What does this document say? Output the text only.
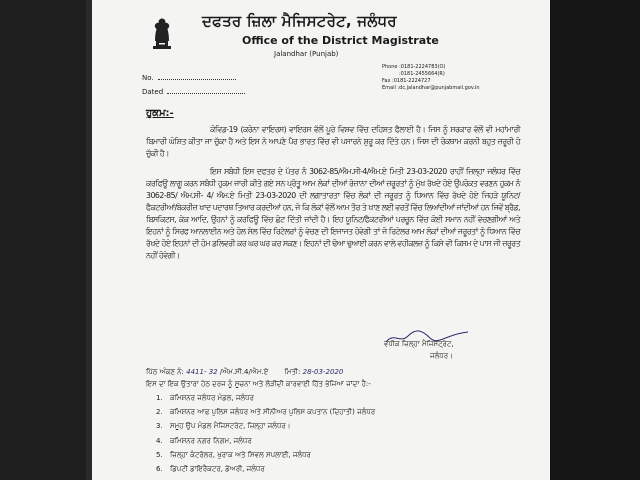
ਦਫਤਰ ਜ਼ਿਲਾ ਮੈਜਿਸਟਰੇਟ, ਜਲੰਧਰ
Office of the District Magistrate
Jalandhar (Punjab)
No.
Dated
Phone :0181-2224783(O)
:0181-2455664(R)
Fax :0181-2224727
Email :dc.jalandhar@punjabmail.gov.in
ਹੁਕਮ:-
ਕੋਵਿਡ-19 (ਕਰੋਨਾ ਵਾਇਰਸ) ਵਾਇਰਸ ਵੱਲੋਂ ਪੂਰੇ ਵਿਸ਼ਵ ਵਿੱਚ ਦਹਿਸ਼ਤ ਫੈਲਾਈ ਹੈ। ਜਿਸ ਨੂੰ ਸਰਕਾਰ ਵੱਲੋਂ ਵੀ ਮਹਾਂਮਾਰੀ ਬਿਮਾਰੀ ਘੋਸ਼ਿਤ ਕੀਤਾ ਜਾ ਚੁੱਕਾ ਹੈ ਅਤੇ ਇਸ ਨੇ ਆਪਣੇ ਪੈਰ ਭਾਰਤ ਵਿੱਚ ਵੀ ਪਸਾਰਨੇ ਸ਼ੁਰੂ ਕਰ ਦਿੱਤੇ ਹਨ। ਜਿਸ ਦੀ ਰੋਕਥਾਮ ਕਰਨੀ ਬਹੁਤ ਜ਼ਰੂਰੀ ਹੋ ਚੁੱਕੀ ਹੈ।
ਇਸ ਸਬੰਧੀ ਇਸ ਦਫਤਰ ਦੇ ਪੱਤਰ ਨੰ 3062-85/ਐਮ.ਸੀ-4/ਐਮ.ਏ ਮਿਤੀ 23-03-2020 ਰਾਹੀਂ ਜ਼ਿਲ੍ਹਾ ਜਲੰਧਰ ਵਿੱਚ ਕਰਫਿਊ ਲਾਗੂ ਕਰਨ ਸਬੰਧੀ ਹੁਕਮ ਜਾਰੀ ਕੀਤੇ ਗਏ ਸਨ ਪ੍ਰੰਤੂ ਆਮ ਲੋਕਾਂ ਦੀਆਂ ਰੋਜ਼ਾਨਾ ਦੀਆਂ ਜ਼ਰੂਰਤਾਂ ਨੂੰ ਮੁੱਖ ਰੱਖਦੇ ਹੋਏ ਉਪਰੋਕਤ ਵਰਣਨ ਹੁਕਮ ਨੰ 3062-85/ ਐਮ.ਸੀ- 4/ ਐਮ.ਏ ਮਿਤੀ 23-03-2020 ਦੀ ਲਗਾਤਾਰਤਾ ਵਿੱਚ ਲੋਕਾਂ ਦੀ ਜਰੂਰਤ ਨੂੰ ਧਿਆਨ ਵਿੱਚ ਰੱਖਦੇ ਹੋਏ ਜਿਹੜੇ ਯੂਨਿਟ/ਫੈਕਟਰੀਆਂ/ਬੇਕਰੀਜ਼ ਖਾਦ ਪਦਾਰਥ ਤਿਆਰ ਕਰਦੀਆਂ ਹਨ, ਜੋ ਕਿ ਲੋਕਾਂ ਵੱਲੋਂ ਆਮ ਤੌਰ ਤੇ ਖਾਣ ਲਈ ਵਰਤੋਂ ਵਿੱਚ ਲਿਆਂਦੀਆਂ ਜਾਂਦੀਆਂ ਹਨ ਜਿਵੇਂ ਬ੍ਰੈਡ, ਬਿਸਕਿਟਸ, ਕੇਕ ਆਦਿ, ਉਹਨਾਂ ਨੂੰ ਕਰਫਿਊ ਵਿੱਚ ਛੋਟ ਦਿੱਤੀ ਜਾਂਦੀ ਹੈ। ਇਹ ਯੂਨਿਟ/ਫੈਕਟਰੀਆਂ ਪਰਚੂਨ ਵਿੱਚ ਕੋਈ ਸਮਾਨ ਨਹੀਂ ਵੇਚਣਗੀਆਂ ਅਤੇ ਇਹਨਾਂ ਨੂੰ ਸਿਰਫ ਆਨਲਾਈਨ ਅਤੇ ਹੋਲ ਸੇਲ ਵਿੱਚ ਰਿਟੇਲਰਾਂ ਨੂੰ ਵੇਚਣ ਦੀ ਇਜਾਜਤ ਹੋਵੇਗੀ ਤਾਂ ਜੋ ਰਿਟੇਲਰ ਆਮ ਲੋਕਾਂ ਦੀਆਂ ਜਰੂਰਤਾਂ ਨੂੰ ਧਿਆਨ ਵਿੱਚ ਰੱਖਦੇ ਹੋਏ ਇਹਨਾਂ ਦੀ ਹੋਮ ਡਲਿਵਰੀ ਕਰ ਘਰ ਘਰ ਕਰ ਸਕਣ। ਇਹਨਾਂ ਦੀ ਢੋਆ ਢੁਆਈ ਕਰਨ ਵਾਲੇ ਵਹੀਕਲਜ਼ ਨੂੰ ਕਿਸੇ ਵੀ ਕਿਸਮ ਦੇ ਪਾਸ ਜੀ ਜ਼ਰੂਰਤ ਨਹੀਂ ਹੋਵੇਗੀ।
ਵਧੀਕ ਜ਼ਿਲ੍ਹਾ ਮੈਜਿਸਟ੍ਰੇਟ,
ਜਲੰਧਰ।
ਪਿੱਠ ਅੰਕਣ ਨੰ: 4411- 32 /ਐਮ.ਸੀ.4/ਐਮ.ਏ ਮਿਤੀ: 28-03-2020
ਇਸ ਦਾ ਇਕ ਉਤਾਰਾ ਹੇਠ ਦਰਜ ਨੂੰ ਸੂਚਨਾ ਅਤੇ ਲੋੜੀਂਦੀ ਕਾਰਵਾਈ ਹਿੱਤ ਭੇਜਿਆ ਜਾਂਦਾ ਹੈ:-
1. ਕਮਿਸ਼ਨਰ ਜਲੰਧਰ ਮੰਡਲ, ਜਲੰਧਰ
2. ਕਮਿਸ਼ਨਰ ਆਫ ਪੁਲਿਸ ਜਲੰਧਰ ਅਤੇ ਸੀਨੀਅਰ ਪੁਲਿਸ ਕਪਤਾਨ (ਦਿਹਾਤੀ) ਜਲੰਧਰ
3. ਸਮੂਹ ਉਪ ਮੰਡਲ ਮੈਜਿਸਟਰੇਟ, ਜ਼ਿਲ੍ਹਾ ਜਲੰਧਰ।
4. ਕਮਿਸ਼ਨਰ ਨਗਰ ਨਿਗਮ, ਜਲੰਧਰ
5. ਜ਼ਿਲ੍ਹਾ ਕੰਟਰੋਲਰ, ਖੁਰਾਕ ਅਤੇ ਸਿਵਲ ਸਪਲਾਈ, ਜਲੰਧਰ
6. ਡਿਪਟੀ ਡਾਇਰੈਕਟਰ, ਡੇਅਰੀ, ਜਲੰਧਰ
